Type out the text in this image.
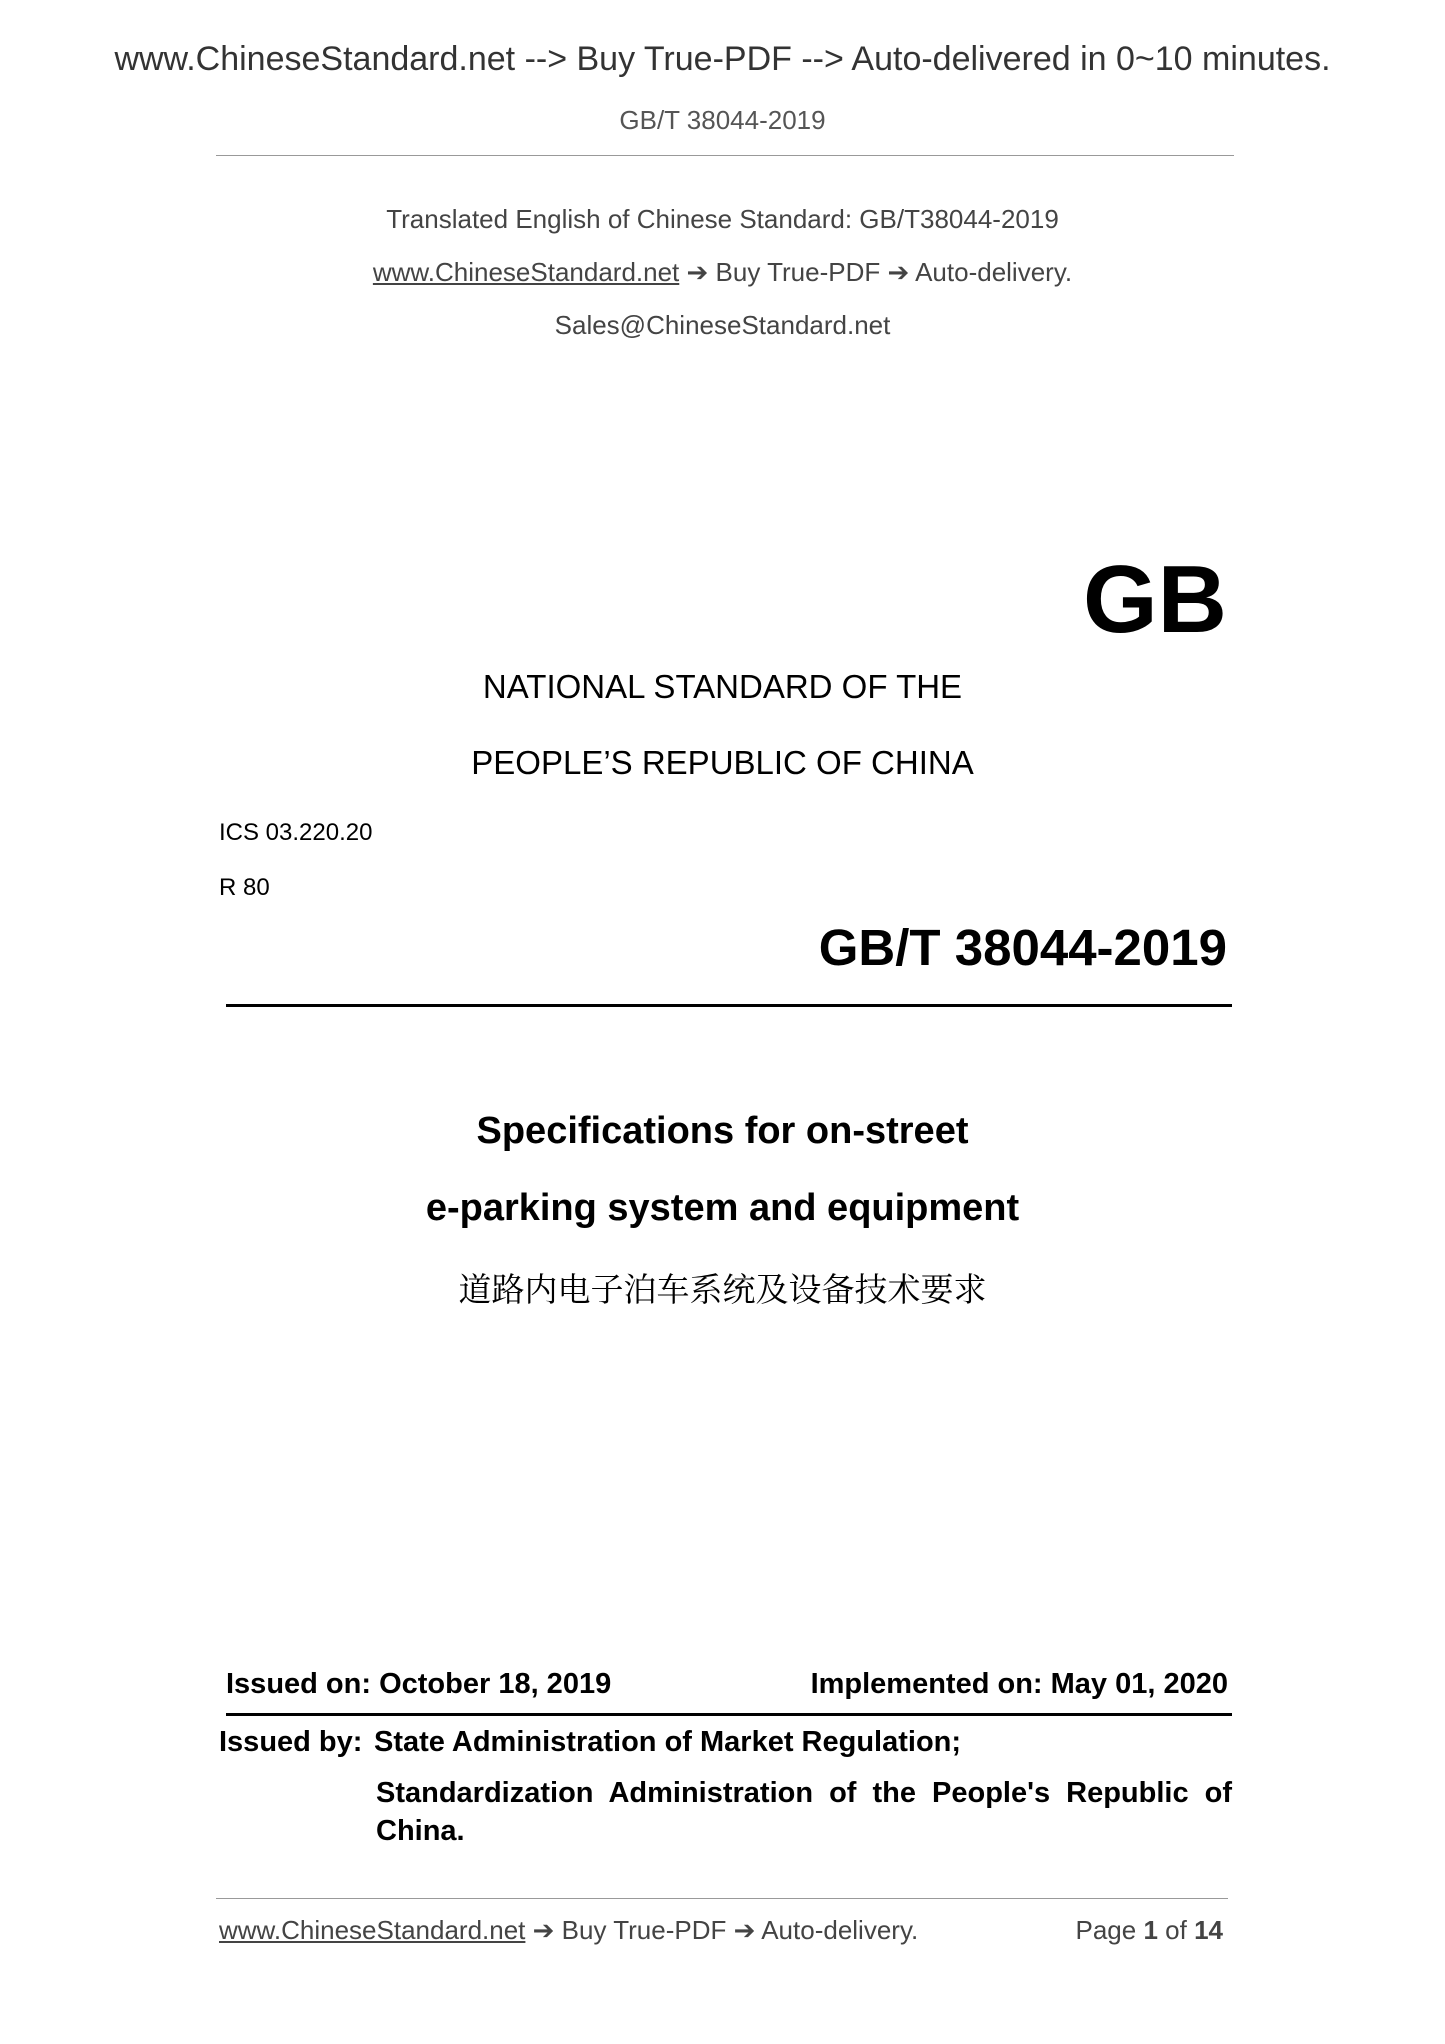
www.ChineseStandard.net --> Buy True-PDF --> Auto-delivered in 0~10 minutes.
GB/T 38044-2019
Translated English of Chinese Standard: GB/T38044-2019
www.ChineseStandard.net ➔ Buy True-PDF ➔ Auto-delivery.
Sales@ChineseStandard.net
GB
NATIONAL STANDARD OF THE
PEOPLE’S REPUBLIC OF CHINA
ICS 03.220.20
R 80
GB/T 38044-2019
Specifications for on-street
e-parking system and equipment
道路内电子泊车系统及设备技术要求
Issued on: October 18, 2019	Implemented on: May 01, 2020
Issued by: State Administration of Market Regulation;
Standardization Administration of the People's Republic of China.
www.ChineseStandard.net ➔ Buy True-PDF ➔ Auto-delivery.	Page 1 of 14
